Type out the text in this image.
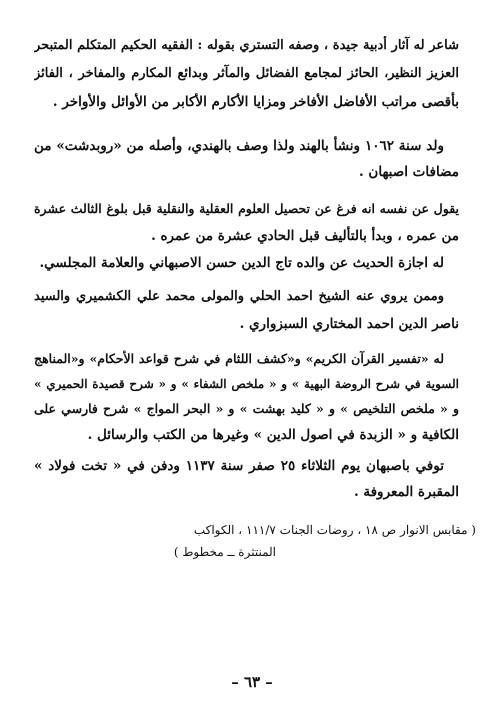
شاعر له آثار أدبية جيدة ، وصفه التستري بقوله : الفقيه الحكيم المتكلم المتبحر
العزيز النظير، الحائز لمجامع الفضائل والمآثر وبدائع المكارم والمفاخر ، الفائز
بأقصى مراتب الأفاضل الأفاخر ومزايا الأكارم الأكابر من الأوائل والأواخر .
ولد سنة ١٠٦٢ ونشأ بالهند ولذا وصف بالهندي، وأصله من «روبدشت» من
مضافات اصبهان .
يقول عن نفسه انه فرغ عن تحصيل العلوم العقلية والنقلية قبل بلوغ الثالث عشرة
من عمره ، وبدأ بالتأليف قبل الحادي عشرة من عمره .
له اجازة الحديث عن والده تاج الدين حسن الاصبهاني والعلامة المجلسي.
وممن يروي عنه الشيخ احمد الحلي والمولى محمد علي الكشميري والسيد
ناصر الدين احمد المختاري السبزواري .
له «تفسير القرآن الكريم» و«كشف اللثام في شرح قواعد الأحكام» و«المناهج
السوية في شرح الروضة البهية » و « ملخص الشفاء » و « شرح قصيدة الحميري »
و « ملخص التلخيص » و « كليد بهشت » و « البحر المواج » شرح فارسي على
الكافية و « الزبدة في اصول الدين » وغيرها من الكتب والرسائل .
توفي باصبهان يوم الثلاثاء ٢٥ صفر سنة ١١٣٧ ودفن في « تخت فولاد »
المقبرة المعروفة .
( مقابس الانوار ص ١٨ ، روضات الجنات ١١١/٧ ، الكواكب
المنتثرة ــ مخطوط )
– ٦٣ –
